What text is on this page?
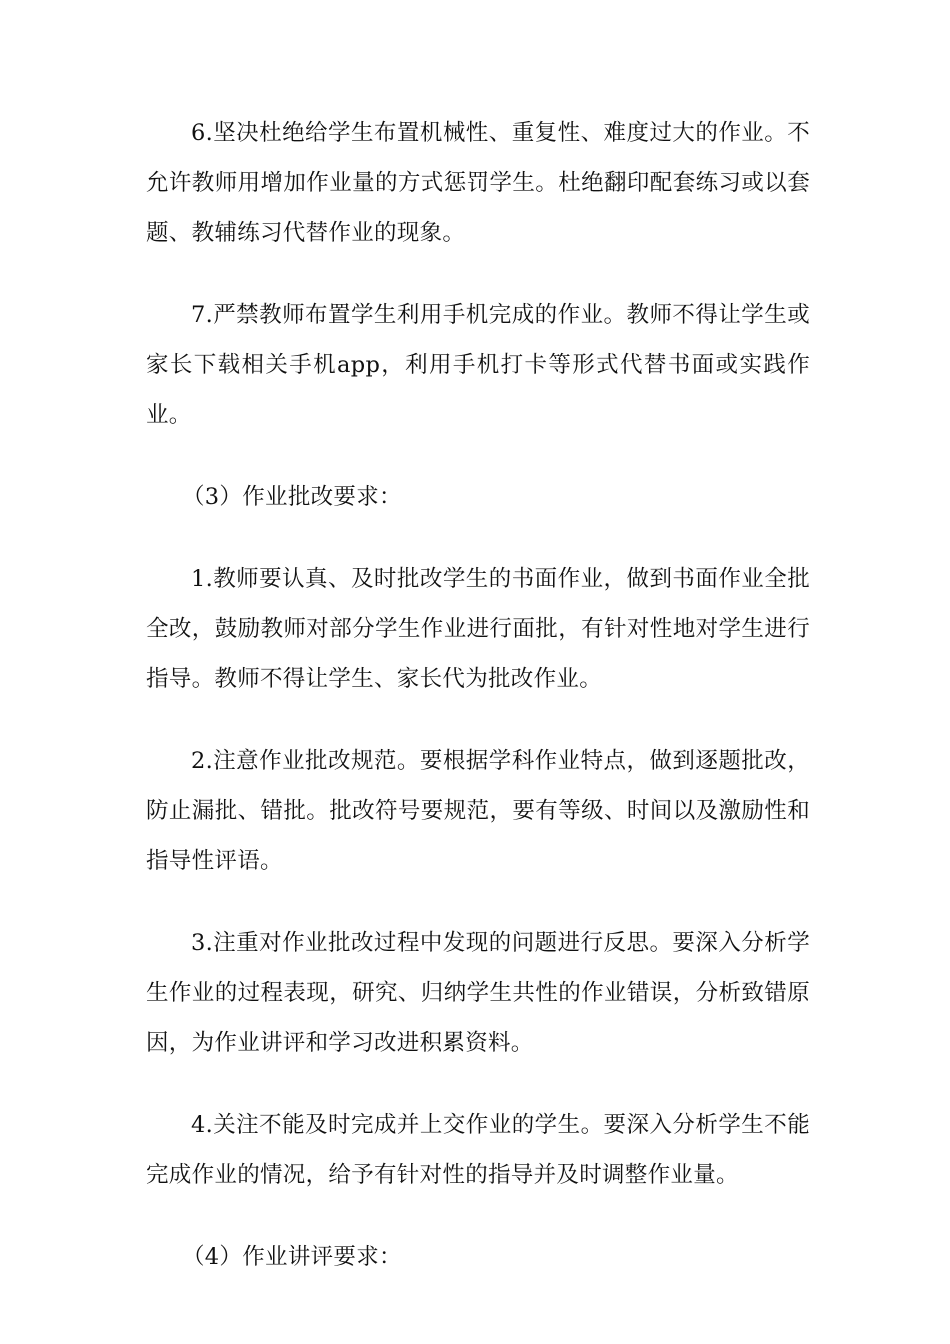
6.坚决杜绝给学生布置机械性、重复性、难度过大的作业。不允许教师用增加作业量的方式惩罚学生。杜绝翻印配套练习或以套题、教辅练习代替作业的现象。

7.严禁教师布置学生利用手机完成的作业。教师不得让学生或家长下载相关手机app，利用手机打卡等形式代替书面或实践作业。

（3）作业批改要求：

1.教师要认真、及时批改学生的书面作业，做到书面作业全批全改，鼓励教师对部分学生作业进行面批，有针对性地对学生进行指导。教师不得让学生、家长代为批改作业。

2.注意作业批改规范。要根据学科作业特点，做到逐题批改，防止漏批、错批。批改符号要规范，要有等级、时间以及激励性和指导性评语。

3.注重对作业批改过程中发现的问题进行反思。要深入分析学生作业的过程表现，研究、归纳学生共性的作业错误，分析致错原因，为作业讲评和学习改进积累资料。

4.关注不能及时完成并上交作业的学生。要深入分析学生不能完成作业的情况，给予有针对性的指导并及时调整作业量。

（4）作业讲评要求：
